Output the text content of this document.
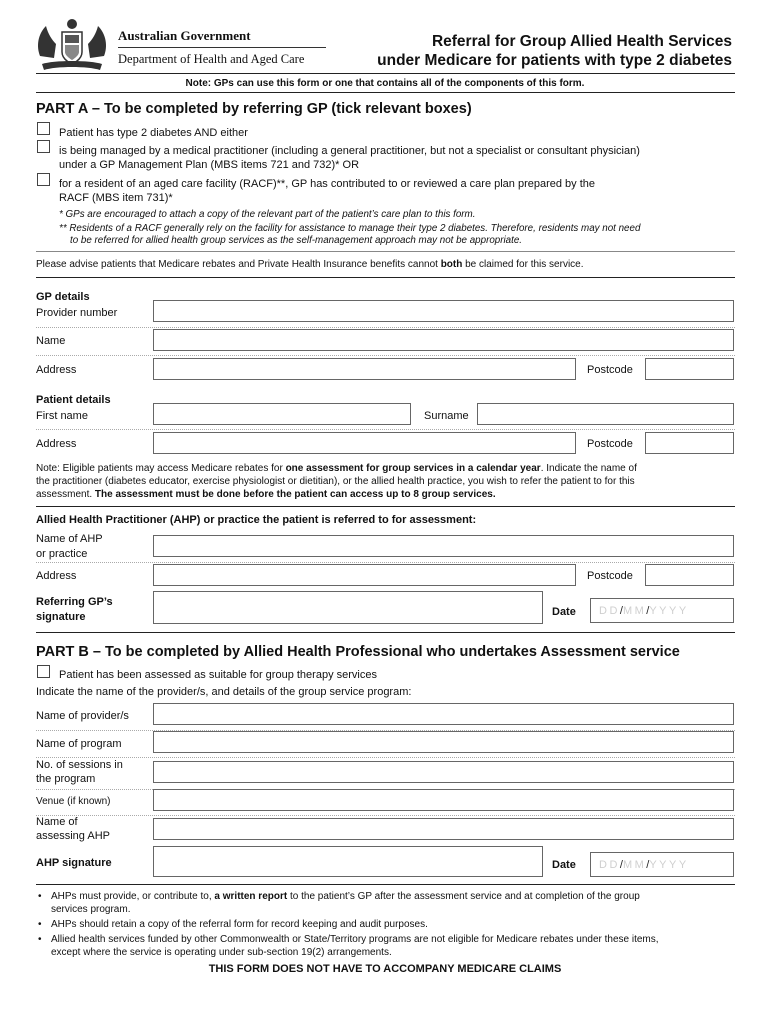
Australian Government
Department of Health and Aged Care
Referral for Group Allied Health Services
under Medicare for patients with type 2 diabetes
Note: GPs can use this form or one that contains all of the components of this form.
PART A – To be completed by referring GP (tick relevant boxes)
Patient has type 2 diabetes AND either
is being managed by a medical practitioner (including a general practitioner, but not a specialist or consultant physician)
under a GP Management Plan (MBS items 721 and 732)* OR
for a resident of an aged care facility (RACF)**, GP has contributed to or reviewed a care plan prepared by the
RACF (MBS item 731)*
* GPs are encouraged to attach a copy of the relevant part of the patient’s care plan to this form.
** Residents of a RACF generally rely on the facility for assistance to manage their type 2 diabetes. Therefore, residents may not need
to be referred for allied health group services as the self-management approach may not be appropriate.
Please advise patients that Medicare rebates and Private Health Insurance benefits cannot both be claimed for this service.
GP details
Provider number
Name
Address	Postcode
Patient details
First name	Surname
Address	Postcode
Note: Eligible patients may access Medicare rebates for one assessment for group services in a calendar year. Indicate the name of
the practitioner (diabetes educator, exercise physiologist or dietitian), or the allied health practice, you wish to refer the patient to for this
assessment. The assessment must be done before the patient can access up to 8 group services.
Allied Health Practitioner (AHP) or practice the patient is referred to for assessment:
Name of AHP
or practice
Address	Postcode
Referring GP’s
signature	Date	DD/MM/YYYY
PART B – To be completed by Allied Health Professional who undertakes Assessment service
Patient has been assessed as suitable for group therapy services
Indicate the name of the provider/s, and details of the group service program:
Name of provider/s
Name of program
No. of sessions in
the program
Venue (if known)
Name of
assessing AHP
AHP signature	Date	DD/MM/YYYY
• AHPs must provide, or contribute to, a written report to the patient’s GP after the assessment service and at completion of the group
services program.
• AHPs should retain a copy of the referral form for record keeping and audit purposes.
• Allied health services funded by other Commonwealth or State/Territory programs are not eligible for Medicare rebates under these items,
except where the service is operating under sub-section 19(2) arrangements.
THIS FORM DOES NOT HAVE TO ACCOMPANY MEDICARE CLAIMS
